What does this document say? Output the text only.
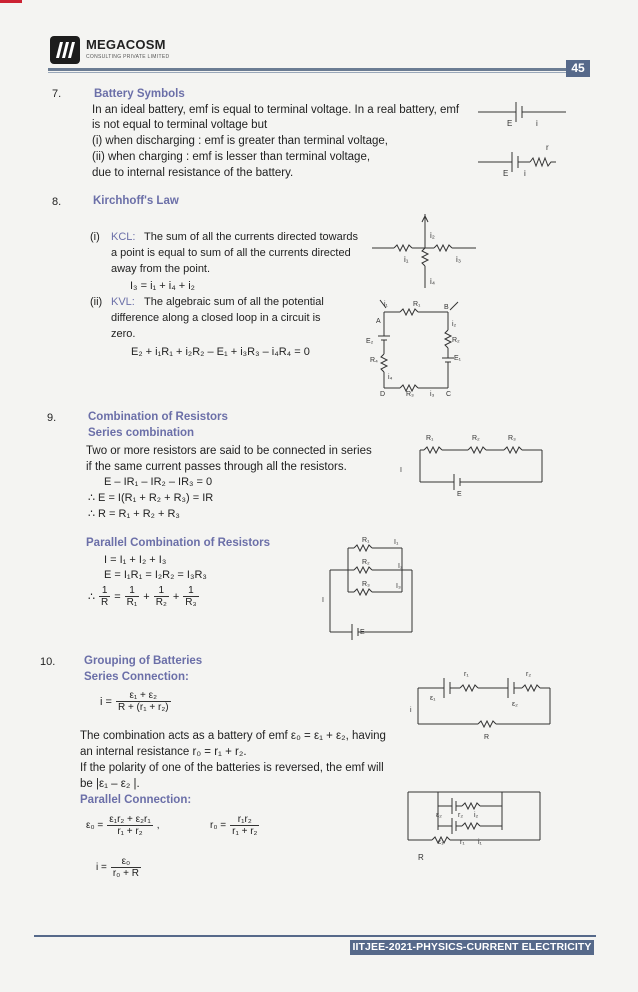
MEGACOSM
CONSULTING PRIVATE LIMITED
45
7.	Battery Symbols
In an ideal battery, emf is equal to terminal voltage. In a real battery, emf
is not equal to terminal voltage but
(i) when discharging : emf is greater than terminal voltage,
(ii) when charging : emf is lesser than terminal voltage,
due to internal resistance of the battery.
E	i
r
E i
8.	Kirchhoff's Law
(i) KCL: The sum of all the currents directed towards
a point is equal to sum of all the currents directed
away from the point.
I₃ = i₁ + i₄ + i₂
(ii) KVL: The algebraic sum of all the potential
difference along a closed loop in a circuit is
zero.
E₂ + i₁R₁ + i₂R₂ – E₁ + i₃R₃ – i₄R₄ = 0
i₂
i₁	i₃
i₄
i₁	R₁	B
A	i₂
E₂	R₂
R₄	E₁
i₄
D	R₃ i₃ C
9.	Combination of Resistors
Series combination
Two or more resistors are said to be connected in series
if the same current passes through all the resistors.
E – IR₁ – IR₂ – IR₃ = 0
∴ E = I(R₁ + R₂ + R₃) = IR
∴ R = R₁ + R₂ + R₃
R₁	R₂	R₃
I
E
Parallel Combination of Resistors
I = I₁ + I₂ + I₃
E = I₁R₁ = I₂R₂ = I₃R₃
∴ $\frac{1}{R} = \frac{1}{\text{R₁}} + \frac{1}{\text{R₂}} + \frac{1}{\text{R₃}}$
R₁	I₁
R₂
I₂
R₃	I₃
I
E
10. Grouping of Batteries
Series Connection:
$i = \frac{\text{ε₁ + ε₂}}{\text{R + (r₁ + r₂)}}$
The combination acts as a battery of emf ε₀ = ε₁ + ε₂, having
an internal resistance r₀ = r₁ + r₂.
If the polarity of one of the batteries is reversed, the emf will
be |ε₁ – ε₂ |.
Parallel Connection:
$\varepsilon_0 = \frac{\text{ε₁r₂ + ε₂r₁}}{\text{r₁ + r₂}}$ ,	$r_0 = \frac{\text{r₁r₂}}{\text{r₁ + r₂}}$
$i = \frac{\text{ε₀}}{\text{r₀ + R}}$
r₁	r₂
ε₁
ε₂
i
R
ε₂ r₂ i₂
ε₁ r₁ i₁
R
IITJEE-2021-PHYSICS-CURRENT ELECTRICITY
